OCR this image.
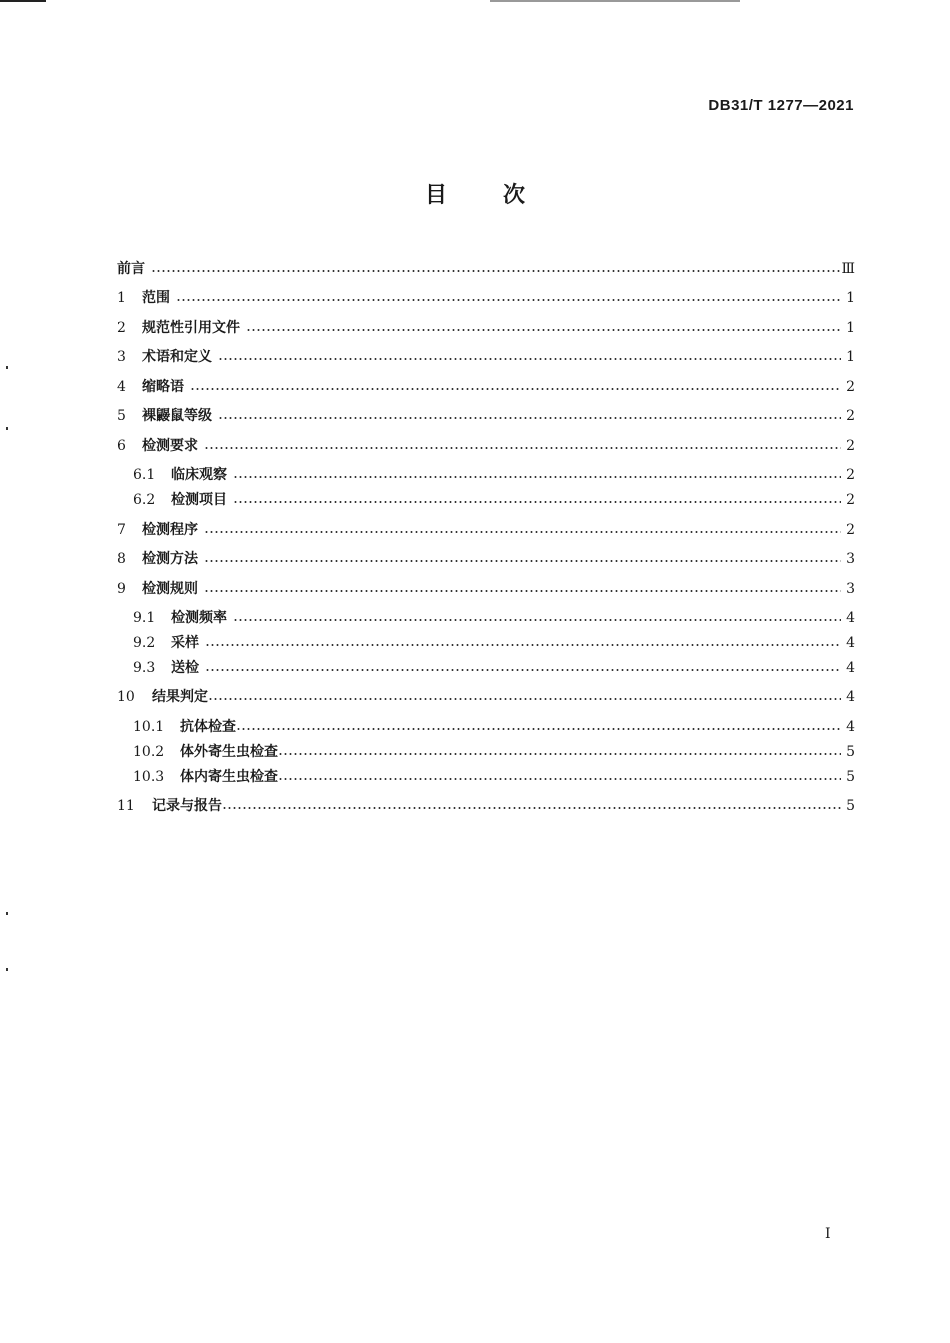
DB31/T 1277—2021
目	次
前言	Ⅲ
1	范围	1
2	规范性引用文件	1
3	术语和定义	1
4	缩略语	2
5	裸鼹鼠等级	2
6	检测要求	2
6.1	临床观察	2
6.2	检测项目	2
7	检测程序	2
8	检测方法	3
9	检测规则	3
9.1	检测频率	4
9.2	采样	4
9.3	送检	4
10	结果判定	4
10.1	抗体检查	4
10.2	体外寄生虫检查	5
10.3	体内寄生虫检查	5
11	记录与报告	5
I
